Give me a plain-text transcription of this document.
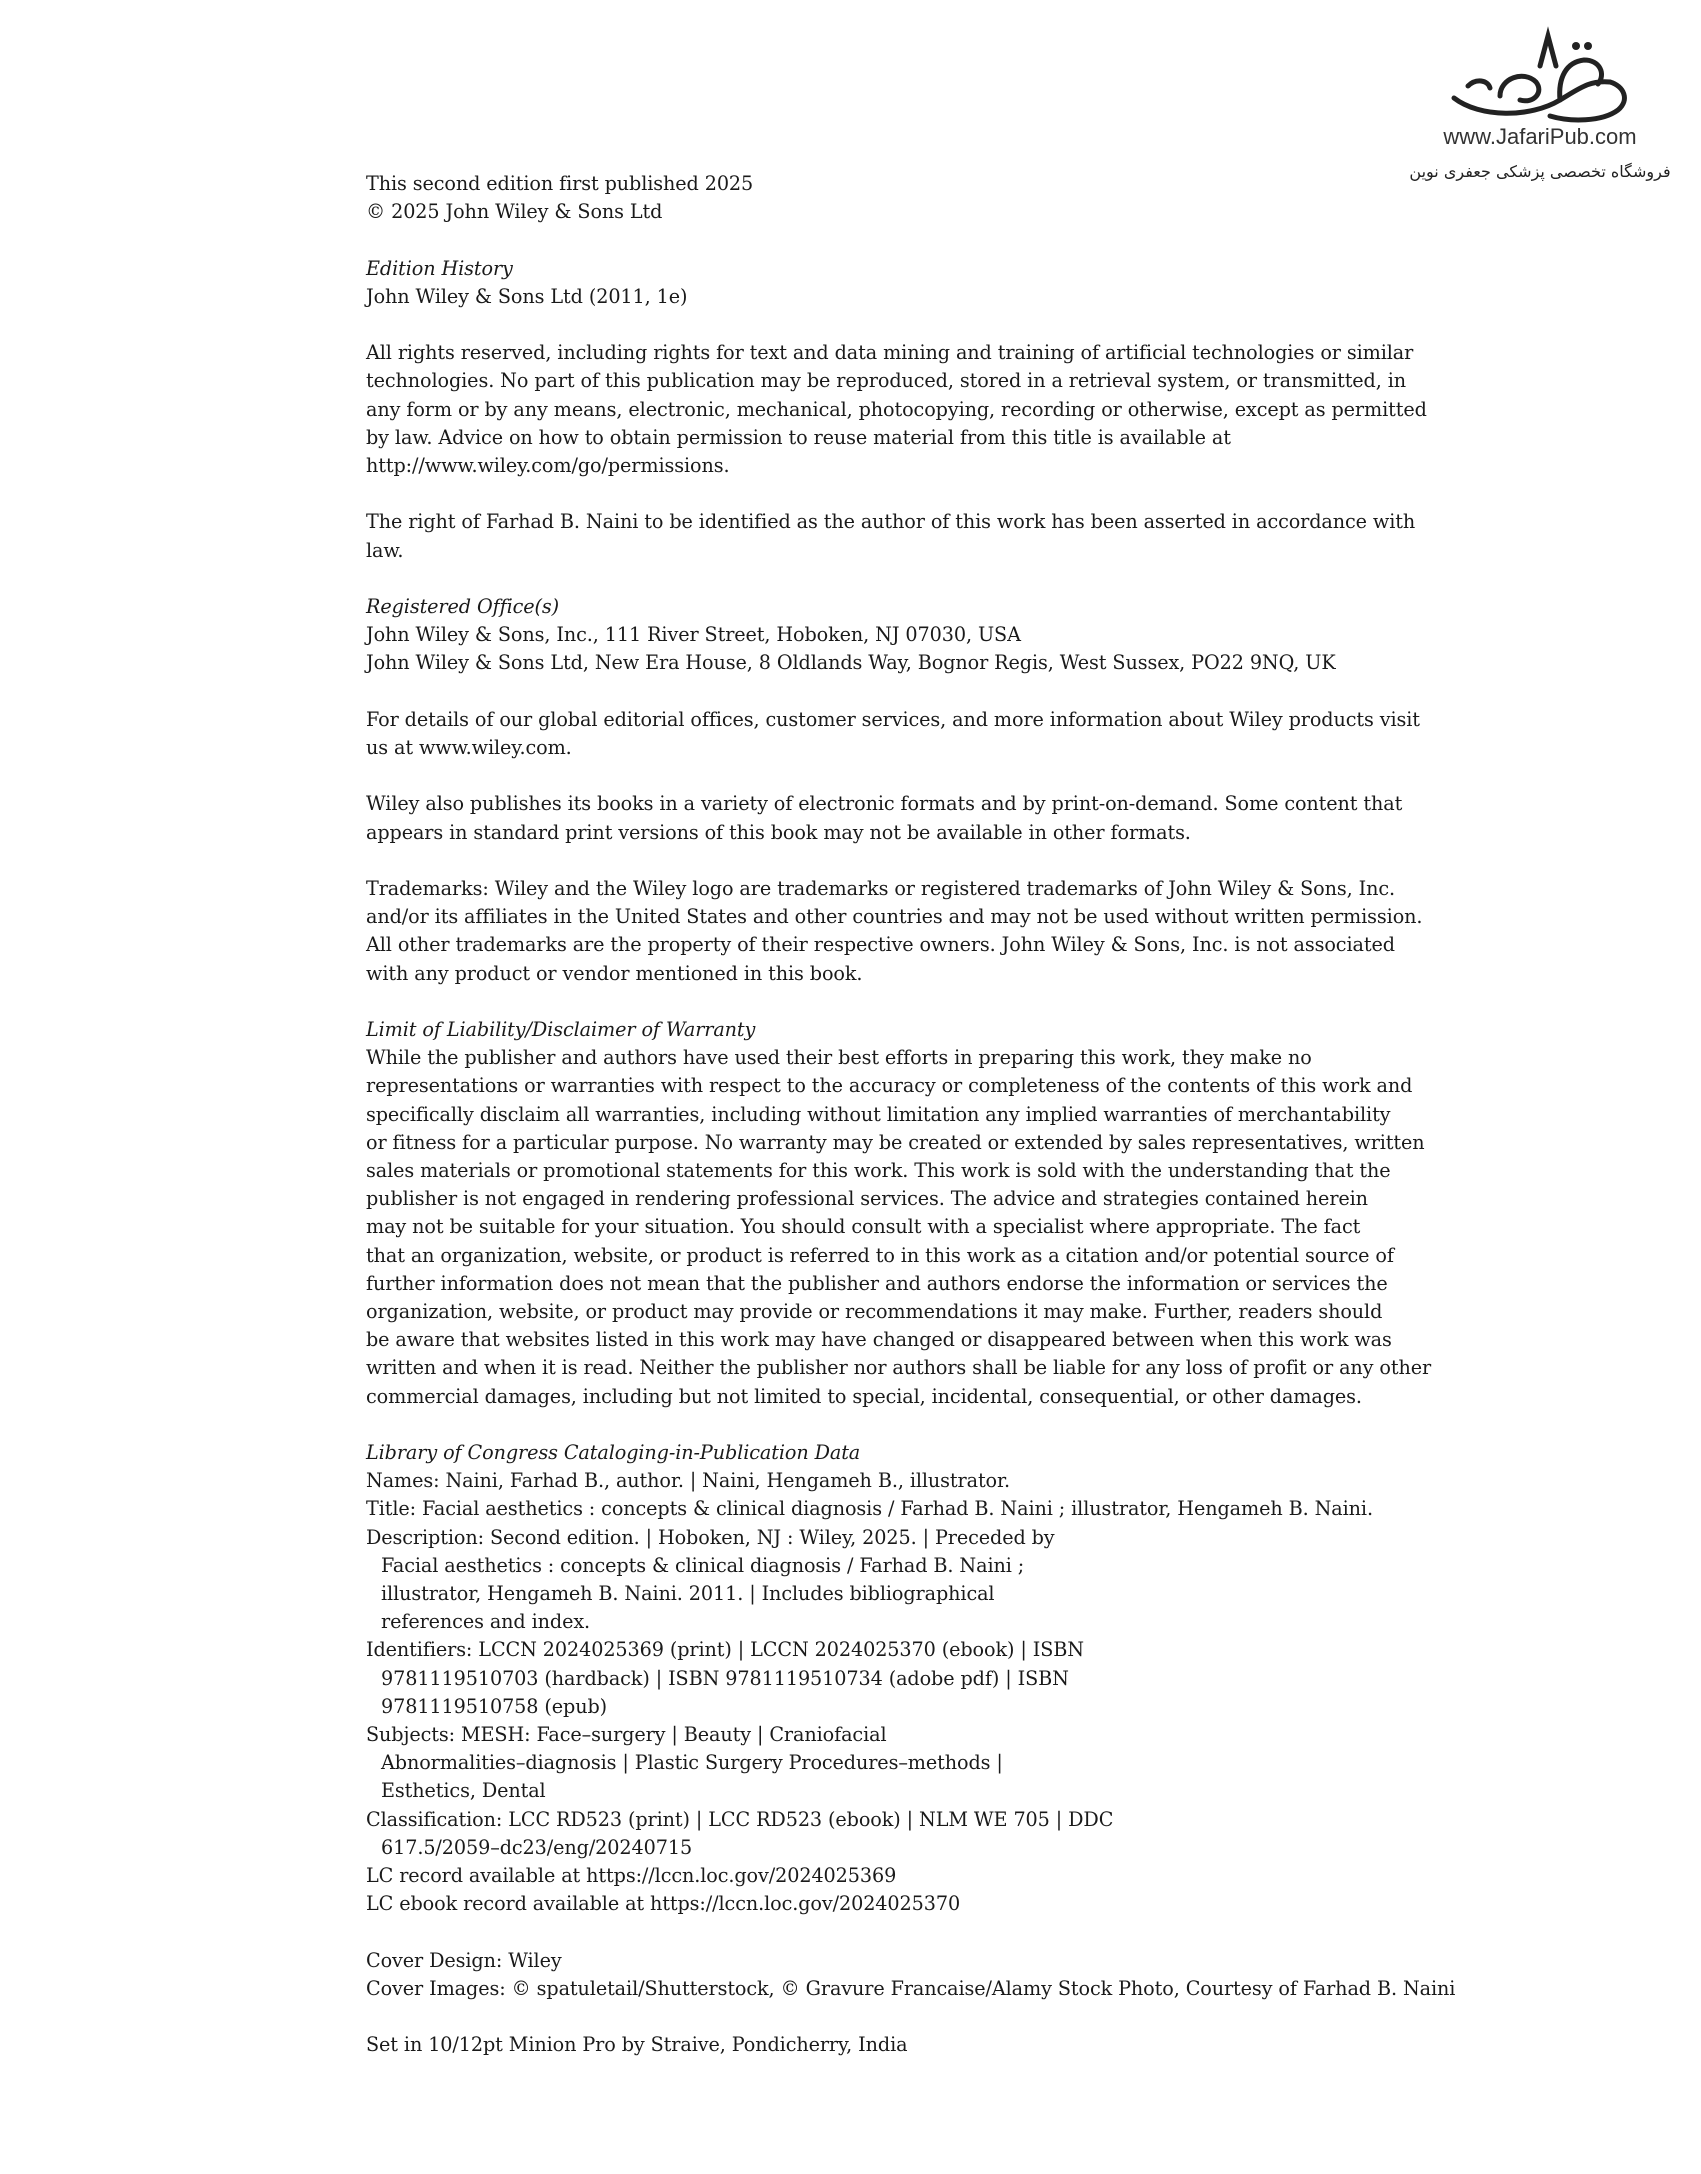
www.JafariPub.com
فروشگاه تخصصی پزشکی جعفری نوین
This second edition first published 2025
© 2025 John Wiley & Sons Ltd
Edition History
John Wiley & Sons Ltd (2011, 1e)
All rights reserved, including rights for text and data mining and training of artificial technologies or similar
technologies. No part of this publication may be reproduced, stored in a retrieval system, or transmitted, in
any form or by any means, electronic, mechanical, photocopying, recording or otherwise, except as permitted
by law. Advice on how to obtain permission to reuse material from this title is available at
http://www.wiley.com/go/permissions.
The right of Farhad B. Naini to be identified as the author of this work has been asserted in accordance with
law.
Registered Office(s)
John Wiley & Sons, Inc., 111 River Street, Hoboken, NJ 07030, USA
John Wiley & Sons Ltd, New Era House, 8 Oldlands Way, Bognor Regis, West Sussex, PO22 9NQ, UK
For details of our global editorial offices, customer services, and more information about Wiley products visit
us at www.wiley.com.
Wiley also publishes its books in a variety of electronic formats and by print-on-demand. Some content that
appears in standard print versions of this book may not be available in other formats.
Trademarks: Wiley and the Wiley logo are trademarks or registered trademarks of John Wiley & Sons, Inc.
and/or its affiliates in the United States and other countries and may not be used without written permission.
All other trademarks are the property of their respective owners. John Wiley & Sons, Inc. is not associated
with any product or vendor mentioned in this book.
Limit of Liability/Disclaimer of Warranty
While the publisher and authors have used their best efforts in preparing this work, they make no
representations or warranties with respect to the accuracy or completeness of the contents of this work and
specifically disclaim all warranties, including without limitation any implied warranties of merchantability
or fitness for a particular purpose. No warranty may be created or extended by sales representatives, written
sales materials or promotional statements for this work. This work is sold with the understanding that the
publisher is not engaged in rendering professional services. The advice and strategies contained herein
may not be suitable for your situation. You should consult with a specialist where appropriate. The fact
that an organization, website, or product is referred to in this work as a citation and/or potential source of
further information does not mean that the publisher and authors endorse the information or services the
organization, website, or product may provide or recommendations it may make. Further, readers should
be aware that websites listed in this work may have changed or disappeared between when this work was
written and when it is read. Neither the publisher nor authors shall be liable for any loss of profit or any other
commercial damages, including but not limited to special, incidental, consequential, or other damages.
Library of Congress Cataloging-in-Publication Data
Names: Naini, Farhad B., author. | Naini, Hengameh B., illustrator.
Title: Facial aesthetics : concepts & clinical diagnosis / Farhad B. Naini ; illustrator, Hengameh B. Naini.
Description: Second edition. | Hoboken, NJ : Wiley, 2025. | Preceded by
Facial aesthetics : concepts & clinical diagnosis / Farhad B. Naini ;
illustrator, Hengameh B. Naini. 2011. | Includes bibliographical
references and index.
Identifiers: LCCN 2024025369 (print) | LCCN 2024025370 (ebook) | ISBN
9781119510703 (hardback) | ISBN 9781119510734 (adobe pdf) | ISBN
9781119510758 (epub)
Subjects: MESH: Face–surgery | Beauty | Craniofacial
Abnormalities–diagnosis | Plastic Surgery Procedures–methods |
Esthetics, Dental
Classification: LCC RD523 (print) | LCC RD523 (ebook) | NLM WE 705 | DDC
617.5/2059–dc23/eng/20240715
LC record available at https://lccn.loc.gov/2024025369
LC ebook record available at https://lccn.loc.gov/2024025370
Cover Design: Wiley
Cover Images: © spatuletail/Shutterstock, © Gravure Francaise/Alamy Stock Photo, Courtesy of Farhad B. Naini
Set in 10/12pt Minion Pro by Straive, Pondicherry, India
